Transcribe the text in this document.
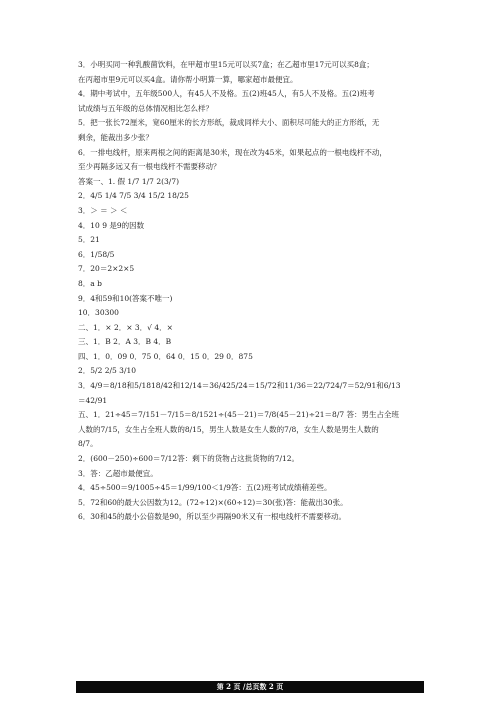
3．小明买同一种乳酸菌饮料，在甲超市里15元可以买7盒；在乙超市里17元可以买8盒；
在丙超市里9元可以买4盒。请你帮小明算一算，哪家超市最便宜。
4．期中考试中，五年级500人，有45人不及格。五(2)班45人，有5人不及格。五(2)班考
试成绩与五年级的总体情况相比怎么样？
5．把一张长72厘米，宽60厘米的长方形纸，裁成同样大小、面积尽可能大的正方形纸，无
剩余，能裁出多少张？
6．一排电线杆，原来两根之间的距离是30米，现在改为45米，如果起点的一根电线杆不动，
至少再隔多远又有一根电线杆不需要移动？
答案一、1. 假 1/7 1/7 2(3/7)
2．4/5 1/4 7/5 3/4 15/2 18/25
3．＞ ＝ ＞ ＜
4．10 9 是9的因数
5．21
6．1/58/5
7．20＝2×2×5
8．a b
9．4和59和10(答案不唯一)
10．30300
二、1．× 2．× 3．√ 4．×
三、1．B 2．A 3．B 4．B
四、1．0．09 0．75 0．64 0．15 0．29 0．875
2．5/2 2/5 3/10
3．4/9＝8/18和5/1818/42和12/14＝36/425/24＝15/72和11/36＝22/724/7＝52/91和6/13
＝42/91
五、1．21÷45＝7/151－7/15＝8/1521÷(45－21)＝7/8(45－21)÷21＝8/7 答：男生占全班
人数的7/15，女生占全班人数的8/15，男生人数是女生人数的7/8，女生人数是男生人数的
8/7。
2．(600－250)÷600＝7/12答：剩下的货物占这批货物的7/12。
3．答：乙超市最便宜。
4．45÷500＝9/1005÷45＝1/99/100＜1/9答：五(2)班考试成绩稍差些。
5．72和60的最大公因数为12。(72÷12)×(60÷12)＝30(张)答：能裁出30张。
6．30和45的最小公倍数是90，所以至少再隔90米又有一根电线杆不需要移动。
第 2 页 /总页数 2 页
